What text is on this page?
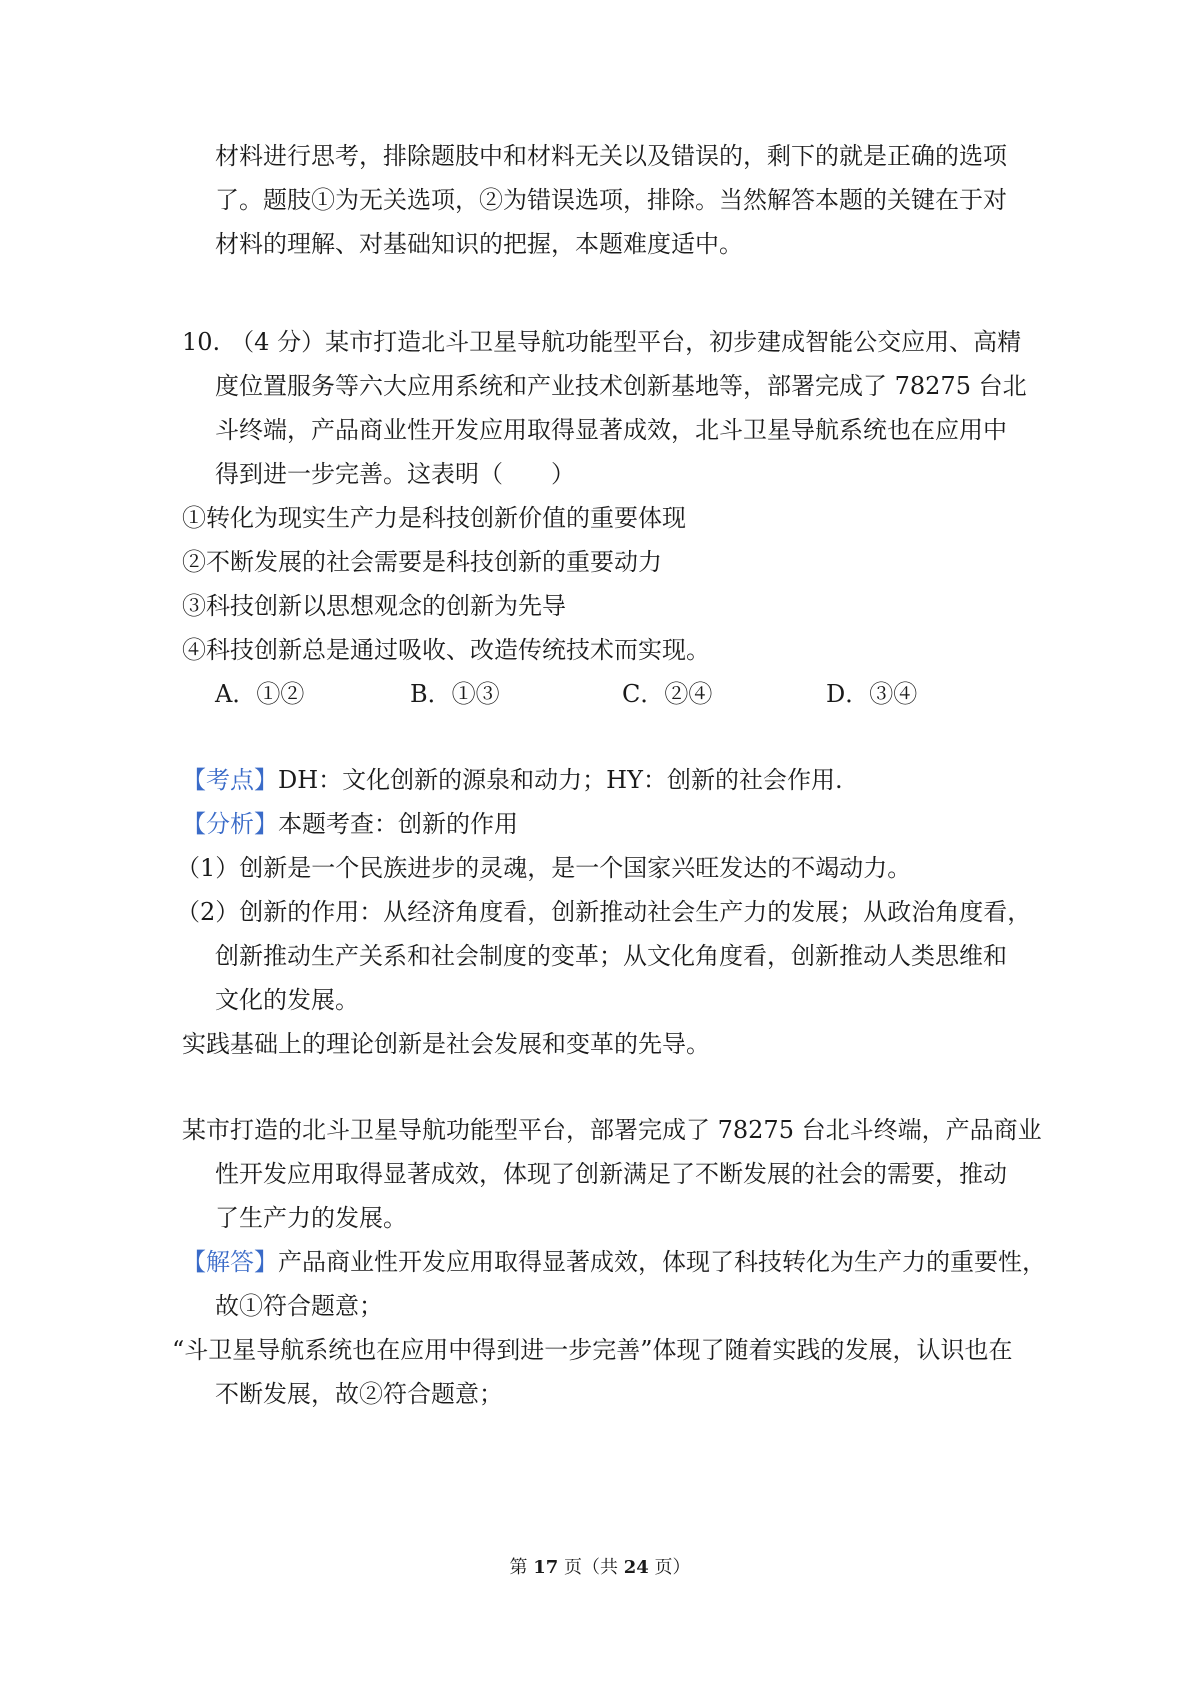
材料进行思考，排除题肢中和材料无关以及错误的，剩下的就是正确的选项
了。题肢①为无关选项，②为错误选项，排除。当然解答本题的关键在于对
材料的理解、对基础知识的把握，本题难度适中。
10. （4 分）某市打造北斗卫星导航功能型平台，初步建成智能公交应用、高精
度位置服务等六大应用系统和产业技术创新基地等，部署完成了 78275 台北
斗终端，产品商业性开发应用取得显著成效，北斗卫星导航系统也在应用中
得到进一步完善。这表明（　　）
①转化为现实生产力是科技创新价值的重要体现
②不断发展的社会需要是科技创新的重要动力
③科技创新以思想观念的创新为先导
④科技创新总是通过吸收、改造传统技术而实现。
A．①②	B．①③	C．②④	D．③④
【考点】DH：文化创新的源泉和动力；HY：创新的社会作用.
【分析】本题考查：创新的作用
（1）创新是一个民族进步的灵魂，是一个国家兴旺发达的不竭动力。
（2）创新的作用：从经济角度看，创新推动社会生产力的发展；从政治角度看，
创新推动生产关系和社会制度的变革；从文化角度看，创新推动人类思维和
文化的发展。
实践基础上的理论创新是社会发展和变革的先导。
某市打造的北斗卫星导航功能型平台，部署完成了 78275 台北斗终端，产品商业
性开发应用取得显著成效，体现了创新满足了不断发展的社会的需要，推动
了生产力的发展。
【解答】产品商业性开发应用取得显著成效，体现了科技转化为生产力的重要性，
故①符合题意；
“斗卫星导航系统也在应用中得到进一步完善”体现了随着实践的发展，认识也在
不断发展，故②符合题意；
第 17 页（共 24 页）
